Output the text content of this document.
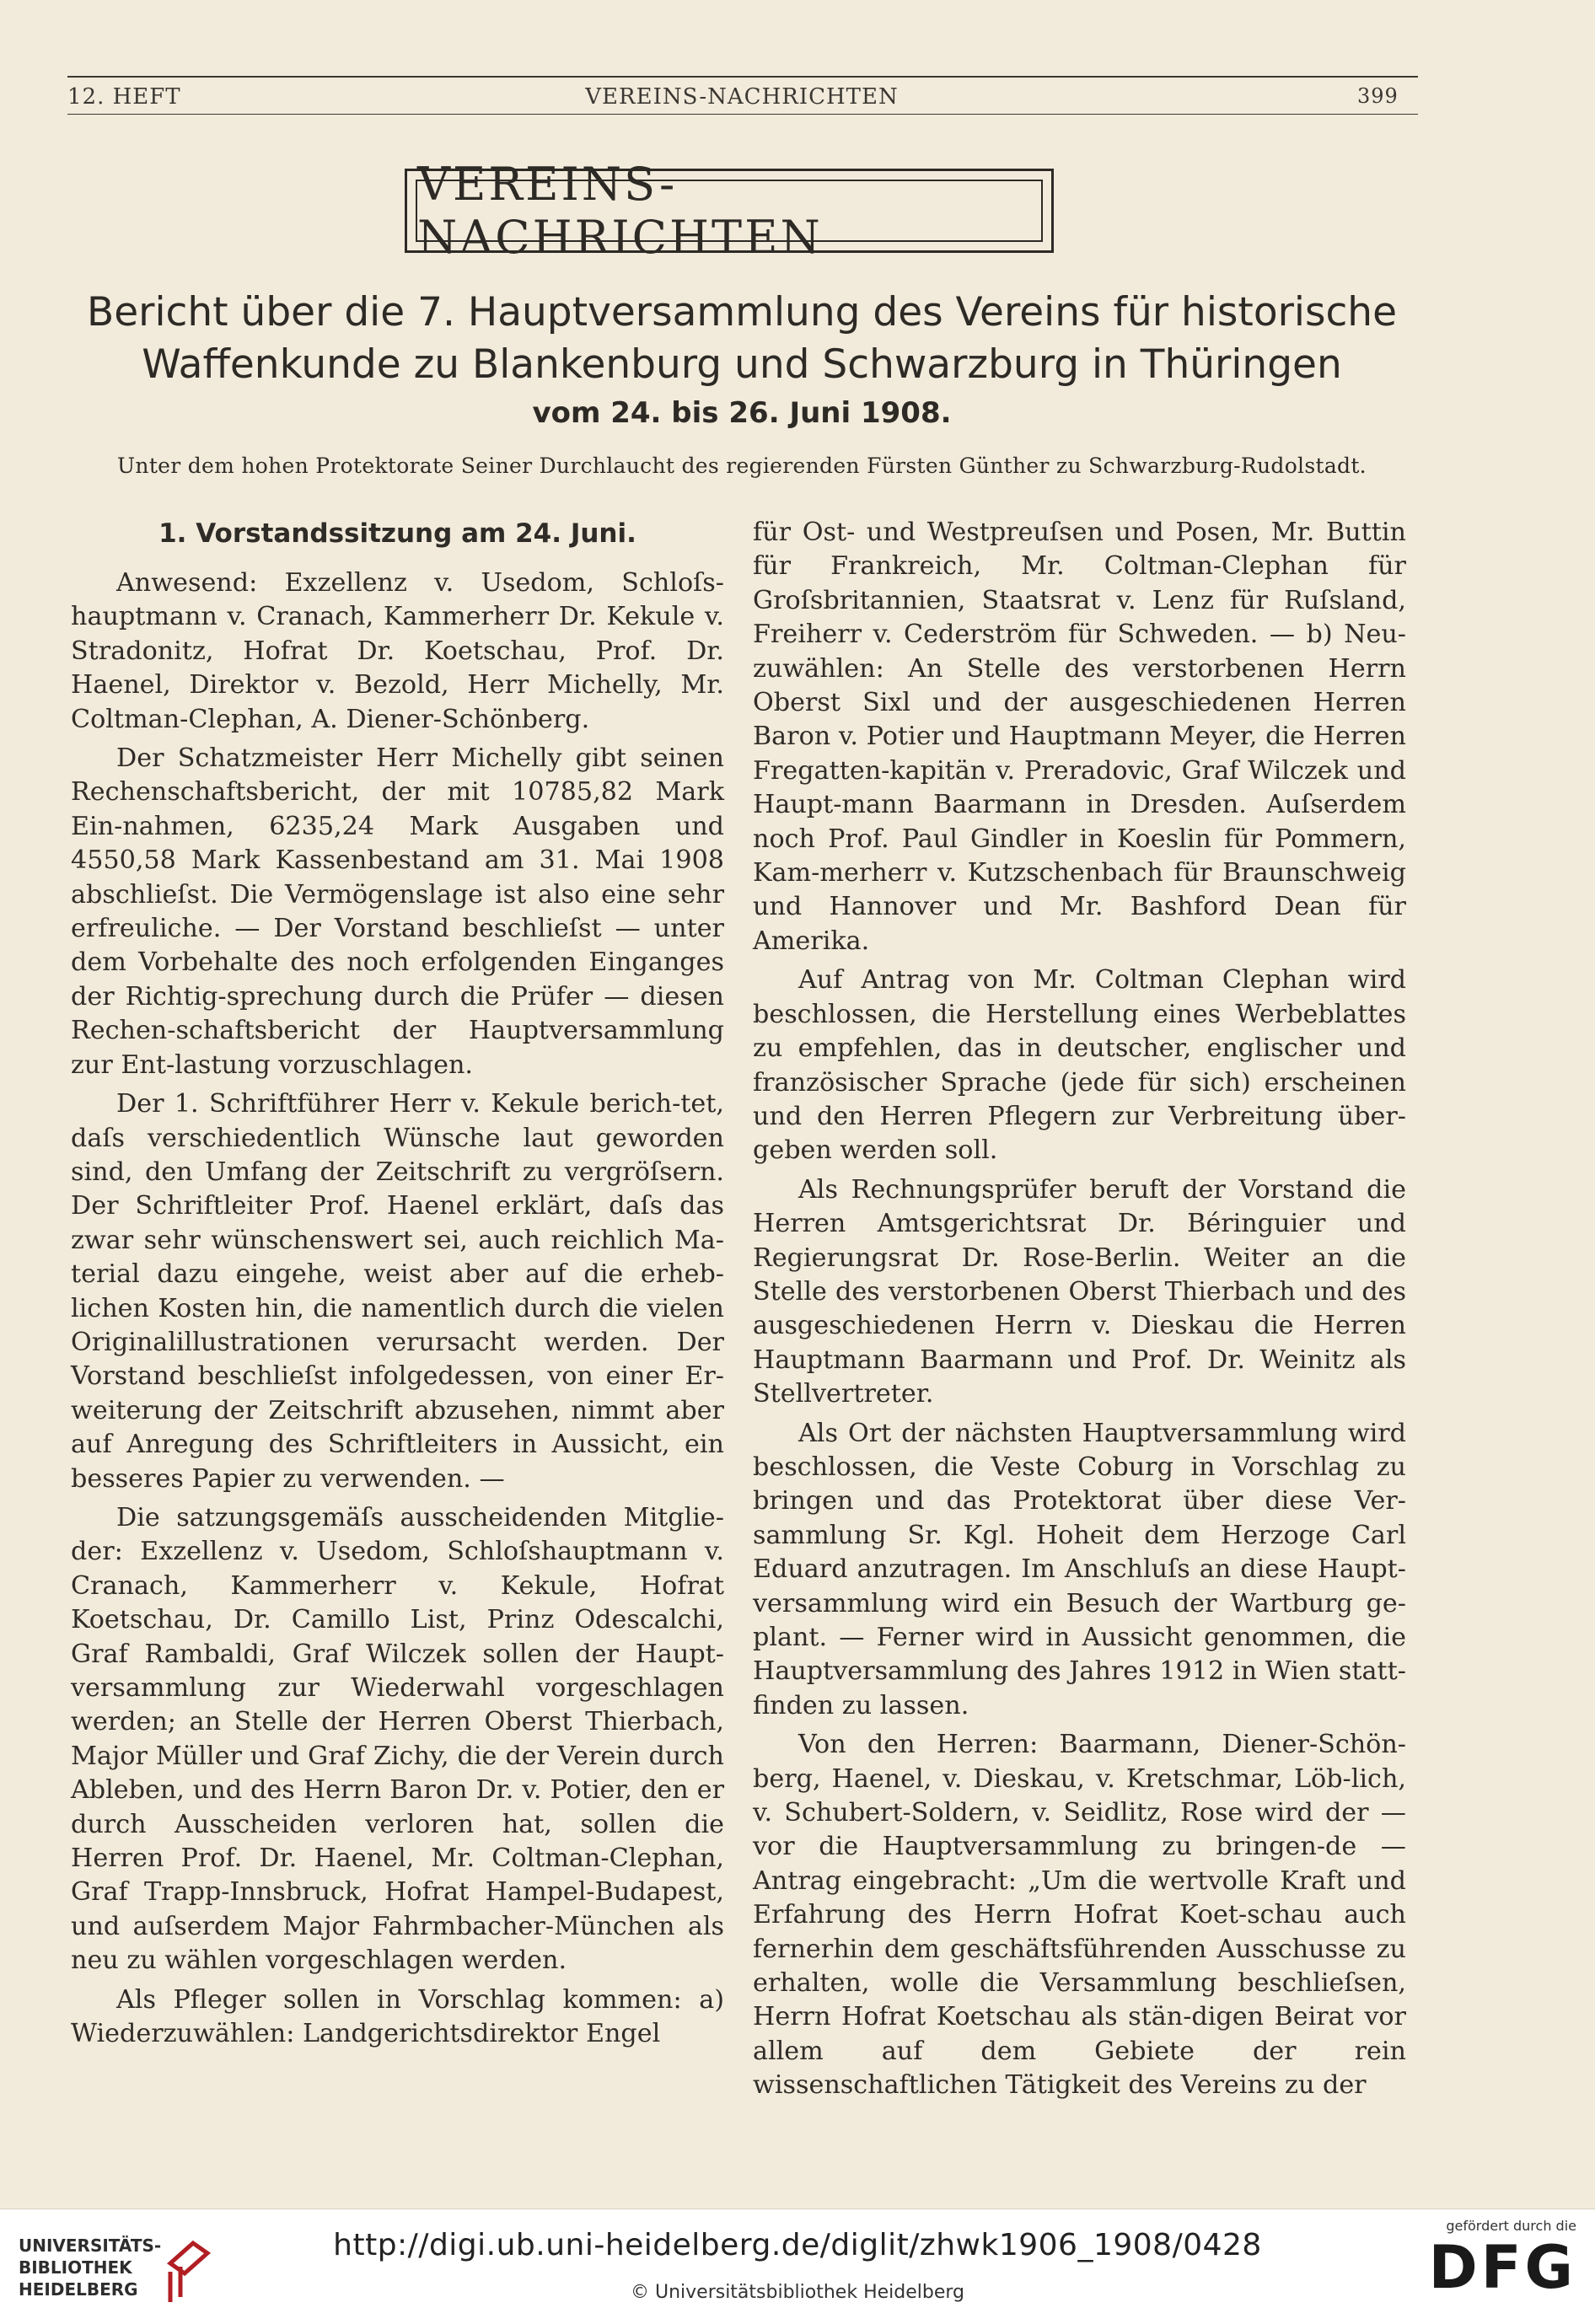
12. HEFT	VEREINS-NACHRICHTEN	399
VEREINS-NACHRICHTEN

Bericht über die 7. Hauptversammlung des Vereins für historische

Waffenkunde zu Blankenburg und Schwarzburg in Thüringen

vom 24. bis 26. Juni 1908.
Unter dem hohen Protektorate Seiner Durchlaucht des regierenden Fürsten Günther zu Schwarzburg-Rudolstadt.
1. Vorstandssitzung am 24. Juni.

Anwesend: Exzellenz v. Usedom, Schloſs-hauptmann v. Cranach, Kammerherr Dr. Kekule v. Stradonitz, Hofrat Dr. Koetschau, Prof. Dr. Haenel, Direktor v. Bezold, Herr Michelly, Mr. Coltman-Clephan, A. Diener-Schönberg.

Der Schatzmeister Herr Michelly gibt seinen Rechenschaftsbericht, der mit 10785,82 Mark Ein-nahmen, 6235,24 Mark Ausgaben und 4550,58 Mark Kassenbestand am 31. Mai 1908 abschlieſst. Die Vermögenslage ist also eine sehr erfreuliche. — Der Vorstand beschlieſst — unter dem Vorbehalte des noch erfolgenden Einganges der Richtig-sprechung durch die Prüfer — diesen Rechen-schaftsbericht der Hauptversammlung zur Ent-lastung vorzuschlagen.

Der 1. Schriftführer Herr v. Kekule berich-tet, daſs verschiedentlich Wünsche laut geworden sind, den Umfang der Zeitschrift zu vergröſsern. Der Schriftleiter Prof. Haenel erklärt, daſs das zwar sehr wünschenswert sei, auch reichlich Ma-terial dazu eingehe, weist aber auf die erheb-lichen Kosten hin, die namentlich durch die vielen Originalillustrationen verursacht werden. Der Vorstand beschlieſst infolgedessen, von einer Er-weiterung der Zeitschrift abzusehen, nimmt aber auf Anregung des Schriftleiters in Aussicht, ein besseres Papier zu verwenden. —

Die satzungsgemäſs ausscheidenden Mitglie-der: Exzellenz v. Usedom, Schloſshauptmann v. Cranach, Kammerherr v. Kekule, Hofrat Koetschau, Dr. Camillo List, Prinz Odescalchi, Graf Rambaldi, Graf Wilczek sollen der Haupt-versammlung zur Wiederwahl vorgeschlagen werden; an Stelle der Herren Oberst Thierbach, Major Müller und Graf Zichy, die der Verein durch Ableben, und des Herrn Baron Dr. v. Potier, den er durch Ausscheiden verloren hat, sollen die Herren Prof. Dr. Haenel, Mr. Coltman-Clephan, Graf Trapp-Innsbruck, Hofrat Hampel-Budapest, und auſserdem Major Fahrmbacher-München als neu zu wählen vorgeschlagen werden.

Als Pfleger sollen in Vorschlag kommen: a) Wiederzuwählen: Landgerichtsdirektor Engel

für Ost- und Westpreuſsen und Posen, Mr. Buttin für Frankreich, Mr. Coltman-Clephan für Groſsbritannien, Staatsrat v. Lenz für Ruſsland, Freiherr v. Cederström für Schweden. — b) Neu-zuwählen: An Stelle des verstorbenen Herrn Oberst Sixl und der ausgeschiedenen Herren Baron v. Potier und Hauptmann Meyer, die Herren Fregatten-kapitän v. Preradovic, Graf Wilczek und Haupt-mann Baarmann in Dresden. Auſserdem noch Prof. Paul Gindler in Koeslin für Pommern, Kam-merherr v. Kutzschenbach für Braunschweig und Hannover und Mr. Bashford Dean für Amerika.

Auf Antrag von Mr. Coltman Clephan wird beschlossen, die Herstellung eines Werbeblattes zu empfehlen, das in deutscher, englischer und französischer Sprache (jede für sich) erscheinen und den Herren Pflegern zur Verbreitung über-geben werden soll.

Als Rechnungsprüfer beruft der Vorstand die Herren Amtsgerichtsrat Dr. Béringuier und Regierungsrat Dr. Rose-Berlin. Weiter an die Stelle des verstorbenen Oberst Thierbach und des ausgeschiedenen Herrn v. Dieskau die Herren Hauptmann Baarmann und Prof. Dr. Weinitz als Stellvertreter.

Als Ort der nächsten Hauptversammlung wird beschlossen, die Veste Coburg in Vorschlag zu bringen und das Protektorat über diese Ver-sammlung Sr. Kgl. Hoheit dem Herzoge Carl Eduard anzutragen. Im Anschluſs an diese Haupt-versammlung wird ein Besuch der Wartburg ge-plant. — Ferner wird in Aussicht genommen, die Hauptversammlung des Jahres 1912 in Wien statt-finden zu lassen.

Von den Herren: Baarmann, Diener-Schön-berg, Haenel, v. Dieskau, v. Kretschmar, Löb-lich, v. Schubert-Soldern, v. Seidlitz, Rose wird der — vor die Hauptversammlung zu bringen-de — Antrag eingebracht: „Um die wertvolle Kraft und Erfahrung des Herrn Hofrat Koet-schau auch fernerhin dem geschäftsführenden Ausschusse zu erhalten, wolle die Versammlung beschlieſsen, Herrn Hofrat Koetschau als stän-digen Beirat vor allem auf dem Gebiete der rein wissenschaftlichen Tätigkeit des Vereins zu der

UNIVERSITÄTS-
BIBLIOTHEK
HEIDELBERG
http://digi.ub.uni-heidelberg.de/diglit/zhwk1906_1908/0428
© Universitätsbibliothek Heidelberg
gefördert durch die
DFG
